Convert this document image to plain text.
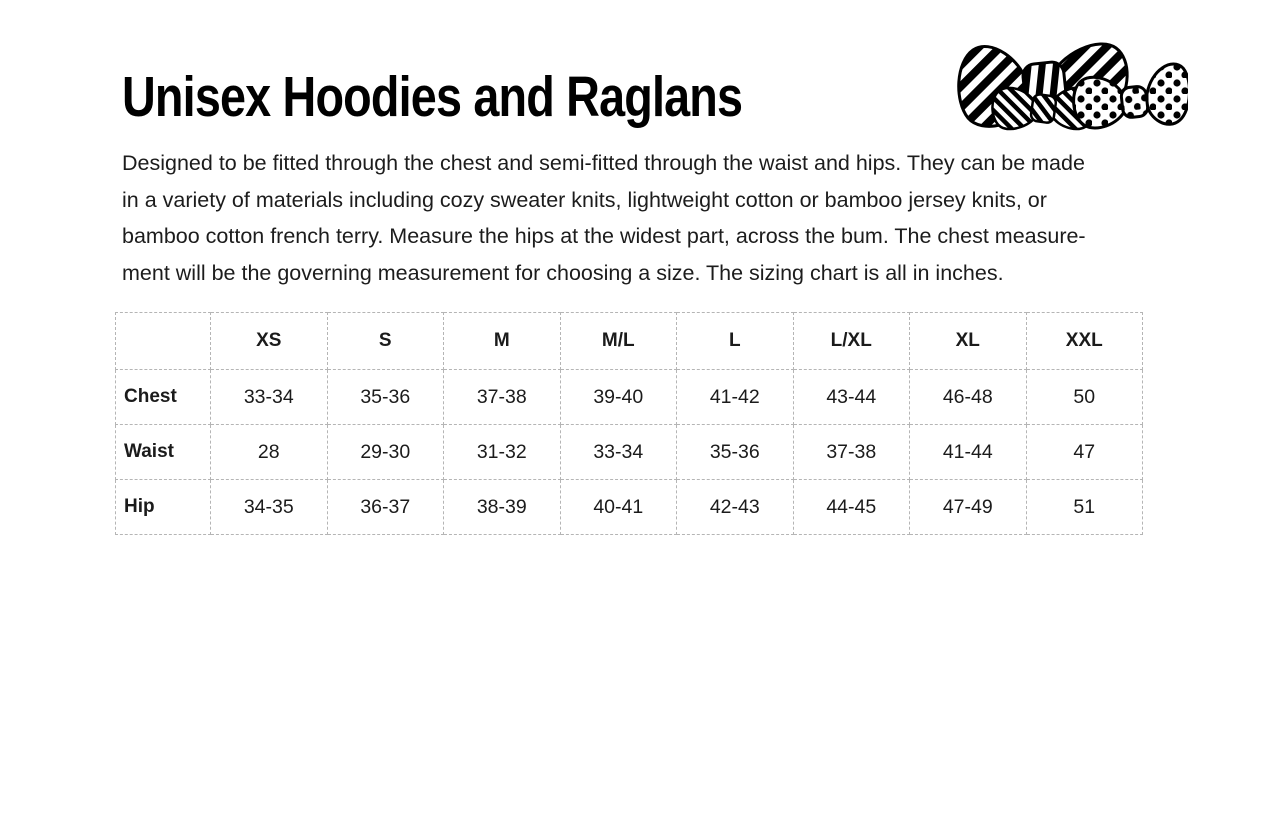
Unisex Hoodies and Raglans
Designed to be fitted through the chest and semi-fitted through the waist and hips. They can be made
in a variety of materials including cozy sweater knits, lightweight cotton or bamboo jersey knits, or
bamboo cotton french terry. Measure the hips at the widest part, across the bum. The chest measure-
ment will be the governing measurement for choosing a size. The sizing chart is all in inches.
	XS	S	M	M/L	L	L/XL	XL	XXL
Chest	33-34	35-36	37-38	39-40	41-42	43-44	46-48	50
Waist	28	29-30	31-32	33-34	35-36	37-38	41-44	47
Hip	34-35	36-37	38-39	40-41	42-43	44-45	47-49	51
